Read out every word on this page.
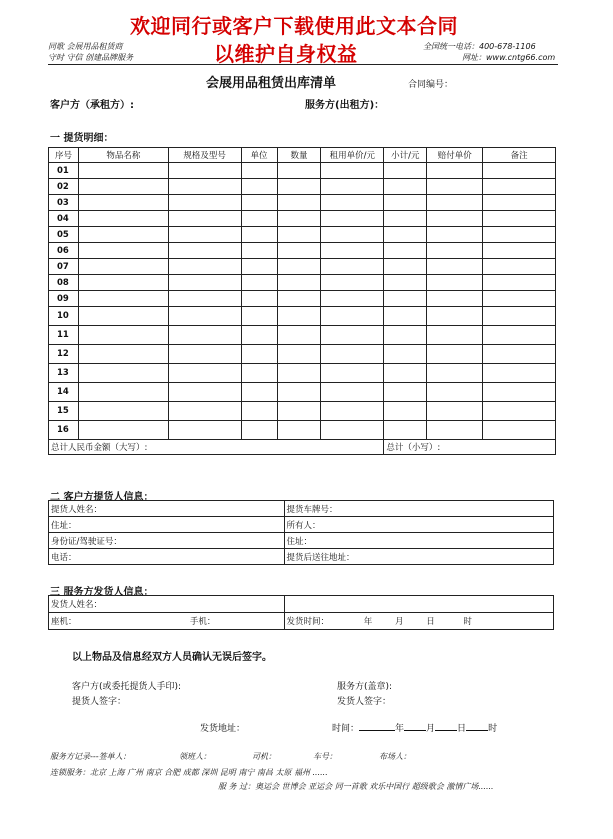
欢迎同行或客户下载使用此文本合同
以维护自身权益
同歌 会展用品租赁商
守时 守信 创建品牌服务
全国统一电话：400-678-1106
网址：www.cntg66.com
会展用品租赁出库清单	合同编号：
客户方（承租方）:	服务方(出租方)：
一 提货明细：
序号	物品名称	规格及型号	单位	数量	租用单价/元	小计/元	赔付单价	备注
01								
02								
03								
04								
05								
06								
07								
08								
09								
10								
11								
12								
13								
14								
15								
16								
总计人民币金额（大写）:						总计（小写）:		
二 客户方提货人信息：
提货人姓名：	提货车牌号：
住址：	所有人：
身份证/驾驶证号：	住址：
电话：	提货后送往地址：
三 服务方发货人信息：
发货人姓名：	
座机： 手机：	发货时间： 年 月 日 时
以上物品及信息经双方人员确认无误后签字。
客户方(或委托提货人手印):	服务方(盖章):
提货人签字：	发货人签字：
发货地址：	时间：	年 月 日 时
服务方记录---签单人：	领班人：	司机：	车号：	布场人：
连锁服务：北京 上海 广州 南京 合肥 成都 深圳 昆明 南宁 南昌 太原 福州 ......
服 务 过：奥运会 世博会 亚运会 同一首歌 欢乐中国行 超级歌会 激情广场......
